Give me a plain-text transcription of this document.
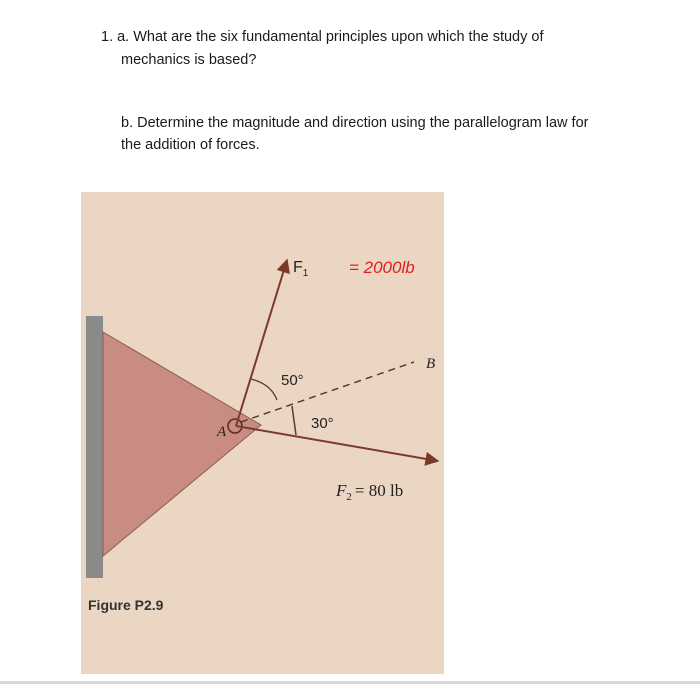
1. a. What are the six fundamental principles upon which the study of
mechanics is based?
b. Determine the magnitude and direction using the parallelogram law for
the addition of forces.
$F_1 = 2000lb$
B
50°
30°
A
$F_2 = 80$ lb
Figure P2.9
